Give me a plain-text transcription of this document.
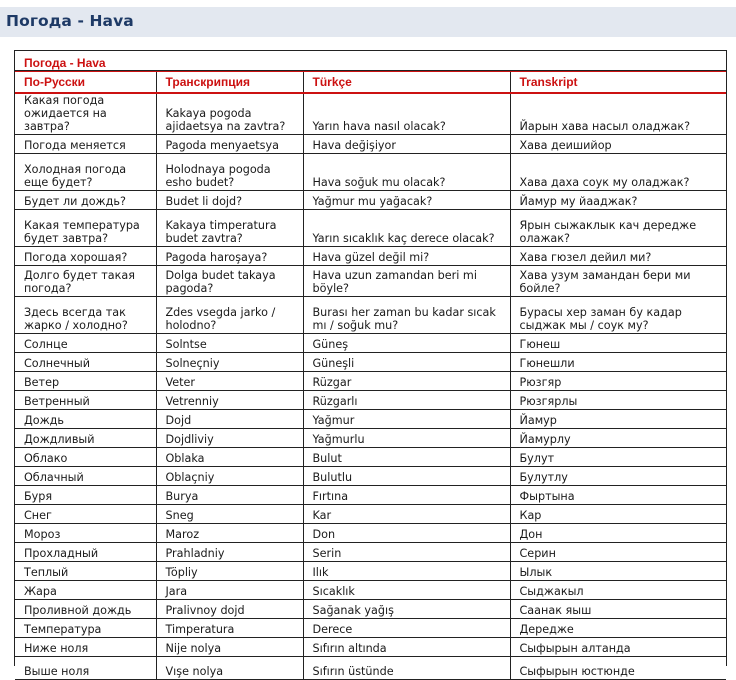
Погода - Hava
Погода - Hava
По-Русски	Транскрипция	Türkçe	Transkript

Какая погода ожидается на завтра?	Kakaya pogoda ajidaetsya na zavtra?	Yarın hava nasıl olacak?	Йарын хава насыл оладжак?

Погода меняется	Pagoda menyaetsya	Hava değişiyor	Хава деишийор

Холодная погода еще будет?	Holodnaya pogoda esho budet?	Hava soğuk mu olacak?	Хава даха соук му оладжак?

Будет ли дождь?	Budet li dojd?	Yağmur mu yağacak?	Йамур му йааджак?

Какая температура будет завтра?	Kakaya timperatura budet zavtra?	Yarın sıcaklık kaç derece olacak?	Ярын сыжаклык кач дередже олажак?

Погода хорошая?	Pagoda haroşaya?	Hava güzel değil mi?	Хава гюзел дейил ми?

Долго будет такая погода?	Dolga budet takaya pagoda?	Hava uzun zamandan beri mi böyle?	Хава узум замандан бери ми бойле?

Здесь всегда так жарко / холодно?	Zdes vsegda jarko / holodno?	Burası her zaman bu kadar sıcak mı / soğuk mu?	Бурасы хер заман бу кадар сыджак мы / соук му?

Солнце	Solntse	Güneş	Гюнеш

Солнечный	Solneçniy	Güneşli	Гюнешли

Ветер	Veter	Rüzgar	Рюзгяр

Ветренный	Vetrenniy	Rüzgarlı	Рюзгярлы

Дождь	Dojd	Yağmur	Йамур

Дождливый	Dojdliviy	Yağmurlu	Йамурлу

Облако	Oblaka	Bulut	Булут

Облачный	Oblaçniy	Bulutlu	Булутлу

Буря	Burya	Fırtına	Фыртына

Снег	Sneg	Kar	Кар

Мороз	Maroz	Don	Дон

Прохладный	Prahladniy	Serin	Серин

Теплый	Töpliy	Ilık	Ылык

Жара	Jara	Sıcaklık	Сыджакыл

Проливной дождь	Pralivnoy dojd	Sağanak yağış	Саанак яыш

Температура	Timperatura	Derece	Дередже

Ниже ноля	Nije nolya	Sıfırın altında	Сыфырын алтанда

Выше ноля	Vışe nolya	Sıfırın üstünde	Сыфырын юстюнде
